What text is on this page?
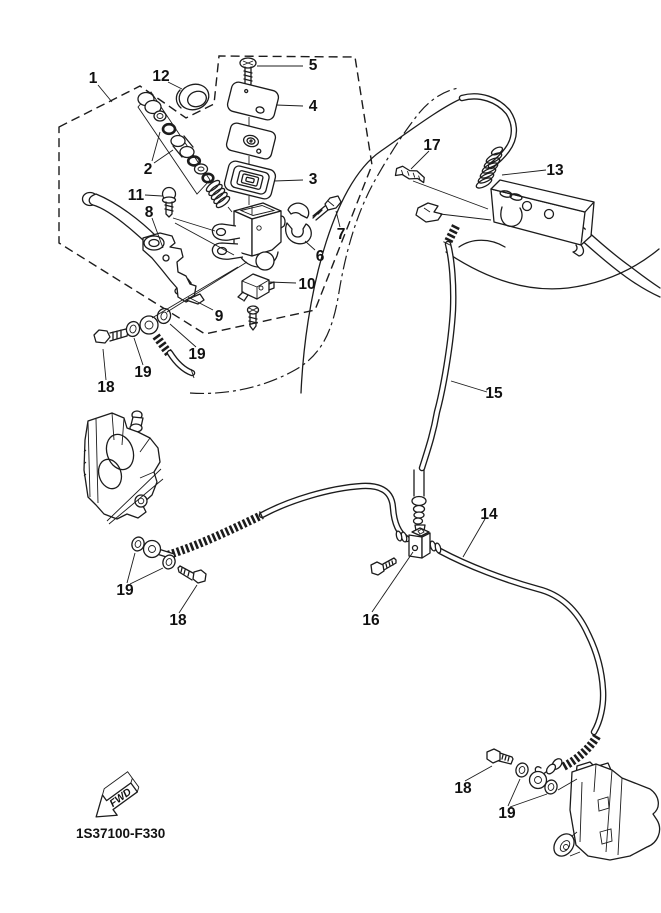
1
2
3
4
5
6
7
8
9
10
11
12
13
14
15
16
17
18
19
19
19
18
18
19
FWD
1S37100-F330
